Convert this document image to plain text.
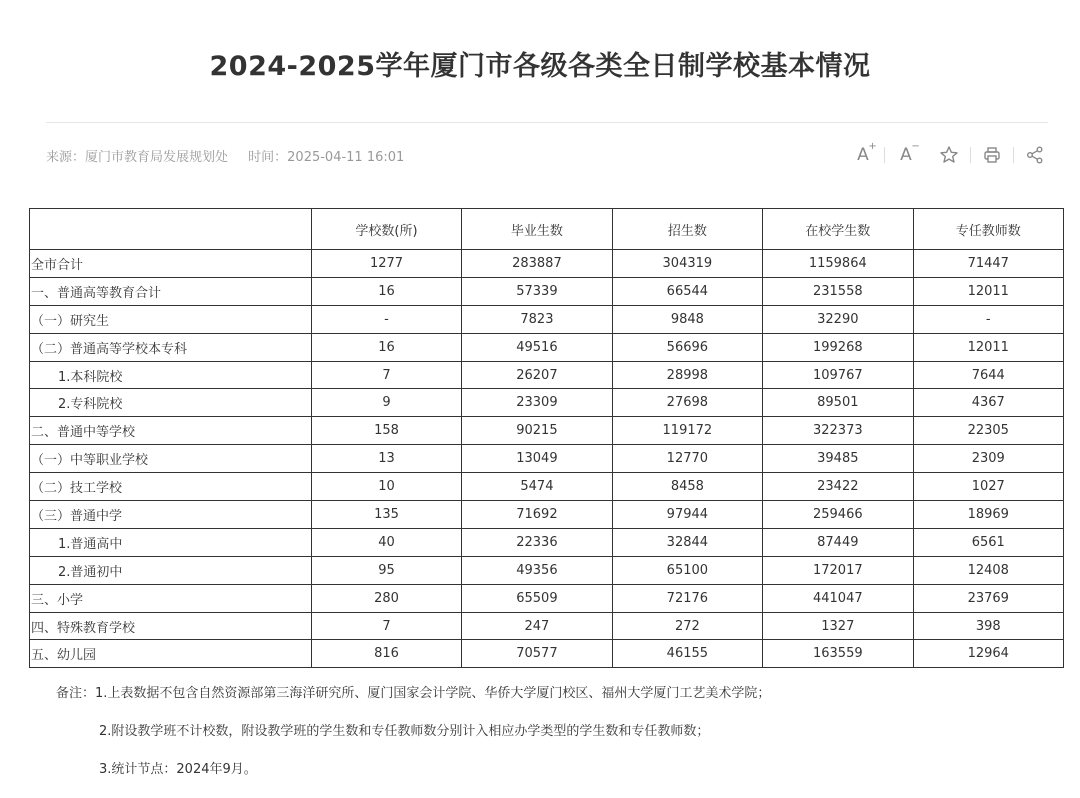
2024-2025学年厦门市各级各类全日制学校基本情况
来源：厦门市教育局发展规划处 时间：2025-04-11 16:01	A + A −
	学校数(所)	毕业生数	招生数	在校学生数	专任教师数
全市合计	1277	283887	304319	1159864	71447
一、普通高等教育合计	16	57339	66544	231558	12011
（一）研究生	-	7823	9848	32290	-
（二）普通高等学校本专科	16	49516	56696	199268	12011
1.本科院校	7	26207	28998	109767	7644
2.专科院校	9	23309	27698	89501	4367
二、普通中等学校	158	90215	119172	322373	22305
（一）中等职业学校	13	13049	12770	39485	2309
（二）技工学校	10	5474	8458	23422	1027
（三）普通中学	135	71692	97944	259466	18969
1.普通高中	40	22336	32844	87449	6561
2.普通初中	95	49356	65100	172017	12408
三、小学	280	65509	72176	441047	23769
四、特殊教育学校	7	247	272	1327	398
五、幼儿园	816	70577	46155	163559	12964
备注：1.上表数据不包含自然资源部第三海洋研究所、厦门国家会计学院、华侨大学厦门校区、福州大学厦门工艺美术学院；
2.附设教学班不计校数，附设教学班的学生数和专任教师数分别计入相应办学类型的学生数和专任教师数；
3.统计节点：2024年9月。
